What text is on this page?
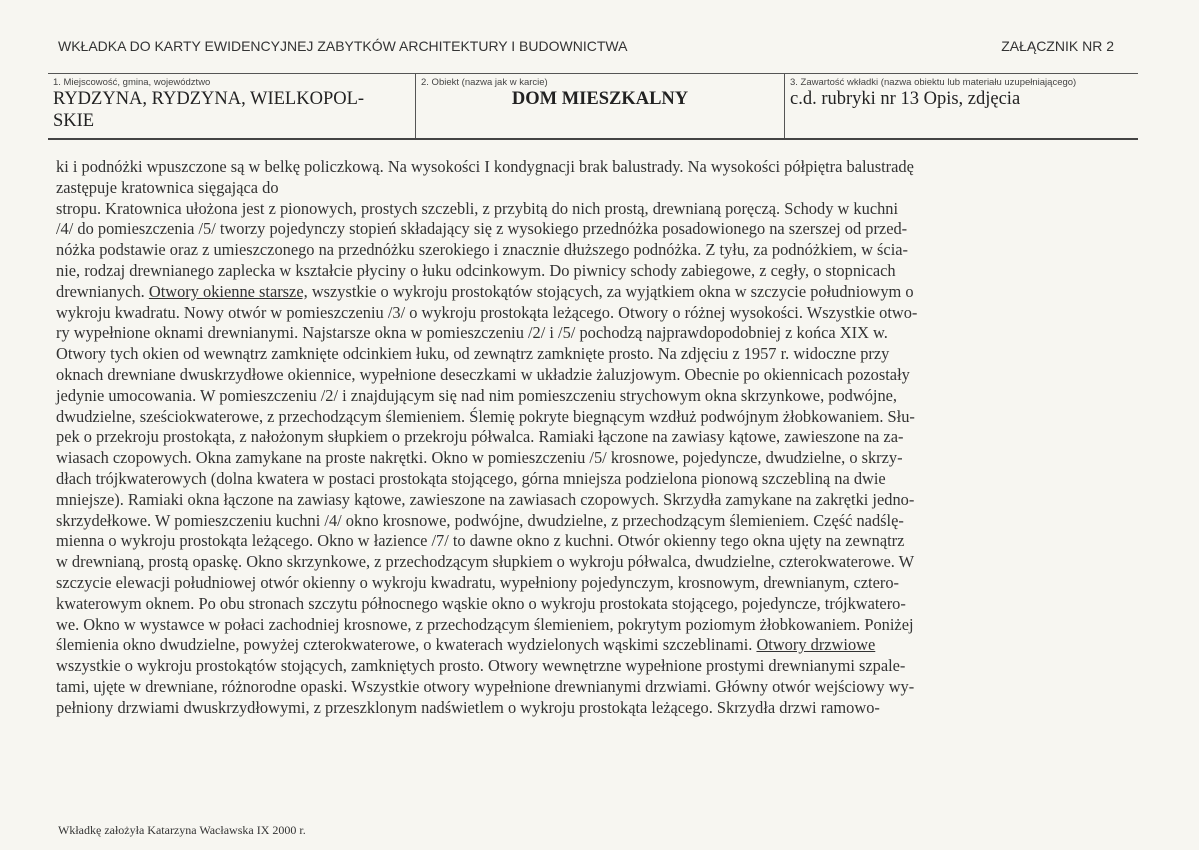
WKŁADKA DO KARTY EWIDENCYJNEJ ZABYTKÓW ARCHITEKTURY I BUDOWNICTWA	ZAŁĄCZNIK NR 2
1. Miejscowość, gmina, województwo
RYDZYNA, RYDZYNA, WIELKOPOL-
SKIE
2. Obiekt (nazwa jak w karcie)
DOM MIESZKALNY
3. Zawartość wkładki (nazwa obiektu lub materiału uzupełniającego)
c.d. rubryki nr 13 Opis, zdjęcia
ki i podnóżki wpuszczone są w belkę policzkową. Na wysokości I kondygnacji brak balustrady. Na wysokości półpiętra balustradę
zastępuje kratownica sięgająca do
stropu. Kratownica ułożona jest z pionowych, prostych szczebli, z przybitą do nich prostą, drewnianą poręczą. Schody w kuchni
/4/ do pomieszczenia /5/ tworzy pojedynczy stopień składający się z wysokiego przednóżka posadowionego na szerszej od przed-
nóżka podstawie oraz z umieszczonego na przednóżku szerokiego i znacznie dłuższego podnóżka. Z tyłu, za podnóżkiem, w ścia-
nie, rodzaj drewnianego zaplecka w kształcie płyciny o łuku odcinkowym. Do piwnicy schody zabiegowe, z cegły, o stopnicach
drewnianych. Otwory okienne starsze, wszystkie o wykroju prostokątów stojących, za wyjątkiem okna w szczycie południowym o
wykroju kwadratu. Nowy otwór w pomieszczeniu /3/ o wykroju prostokąta leżącego. Otwory o różnej wysokości. Wszystkie otwo-
ry wypełnione oknami drewnianymi. Najstarsze okna w pomieszczeniu /2/ i /5/ pochodzą najprawdopodobniej z końca XIX w.
Otwory tych okien od wewnątrz zamknięte odcinkiem łuku, od zewnątrz zamknięte prosto. Na zdjęciu z 1957 r. widoczne przy
oknach drewniane dwuskrzydłowe okiennice, wypełnione deseczkami w układzie żaluzjowym. Obecnie po okiennicach pozostały
jedynie umocowania. W pomieszczeniu /2/ i znajdującym się nad nim pomieszczeniu strychowym okna skrzynkowe, podwójne,
dwudzielne, sześciokwaterowe, z przechodzącym ślemieniem. Ślemię pokryte biegnącym wzdłuż podwójnym żłobkowaniem. Słu-
pek o przekroju prostokąta, z nałożonym słupkiem o przekroju półwalca. Ramiaki łączone na zawiasy kątowe, zawieszone na za-
wiasach czopowych. Okna zamykane na proste nakrętki. Okno w pomieszczeniu /5/ krosnowe, pojedyncze, dwudzielne, o skrzy-
dłach trójkwaterowych (dolna kwatera w postaci prostokąta stojącego, górna mniejsza podzielona pionową szczebliną na dwie
mniejsze). Ramiaki okna łączone na zawiasy kątowe, zawieszone na zawiasach czopowych. Skrzydła zamykane na zakrętki jedno-
skrzydełkowe. W pomieszczeniu kuchni /4/ okno krosnowe, podwójne, dwudzielne, z przechodzącym ślemieniem. Część nadślę-
mienna o wykroju prostokąta leżącego. Okno w łazience /7/ to dawne okno z kuchni. Otwór okienny tego okna ujęty na zewnątrz
w drewnianą, prostą opaskę. Okno skrzynkowe, z przechodzącym słupkiem o wykroju półwalca, dwudzielne, czterokwaterowe. W
szczycie elewacji południowej otwór okienny o wykroju kwadratu, wypełniony pojedynczym, krosnowym, drewnianym, cztero-
kwaterowym oknem. Po obu stronach szczytu północnego wąskie okno o wykroju prostokata stojącego, pojedyncze, trójkwatero-
we. Okno w wystawce w połaci zachodniej krosnowe, z przechodzącym ślemieniem, pokrytym poziomym żłobkowaniem. Poniżej
ślemienia okno dwudzielne, powyżej czterokwaterowe, o kwaterach wydzielonych wąskimi szczeblinami. Otwory drzwiowe
wszystkie o wykroju prostokątów stojących, zamkniętych prosto. Otwory wewnętrzne wypełnione prostymi drewnianymi szpale-
tami, ujęte w drewniane, różnorodne opaski. Wszystkie otwory wypełnione drewnianymi drzwiami. Główny otwór wejściowy wy-
pełniony drzwiami dwuskrzydłowymi, z przeszklonym nadświetlem o wykroju prostokąta leżącego. Skrzydła drzwi ramowo-
Wkładkę założyła Katarzyna Wacławska IX 2000 r.
